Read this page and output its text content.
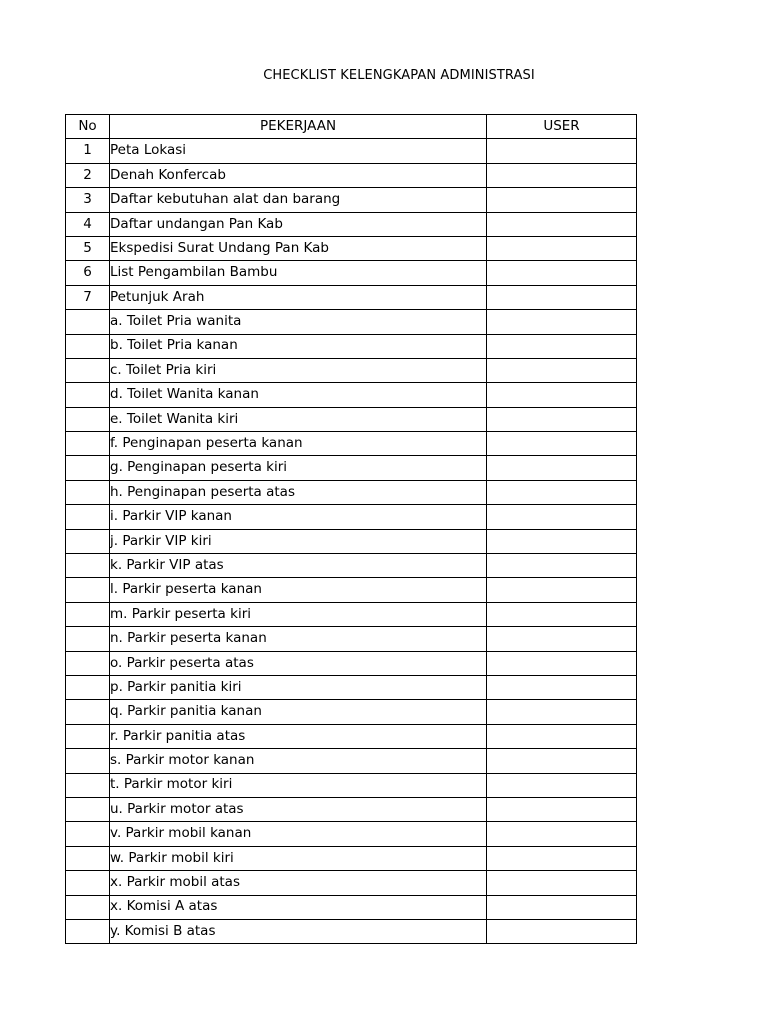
CHECKLIST KELENGKAPAN ADMINISTRASI
No	PEKERJAAN	USER
1	Peta Lokasi	
2	Denah Konfercab	
3	Daftar kebutuhan alat dan barang	
4	Daftar undangan Pan Kab	
5	Ekspedisi Surat Undang Pan Kab	
6	List Pengambilan Bambu	
7	Petunjuk Arah	
	a. Toilet Pria wanita	
	b. Toilet Pria kanan	
	c. Toilet Pria kiri	
	d. Toilet Wanita kanan	
	e. Toilet Wanita kiri	
	f. Penginapan peserta kanan	
	g. Penginapan peserta kiri	
	h. Penginapan peserta atas	
	i. Parkir VIP kanan	
	j. Parkir VIP kiri	
	k. Parkir VIP atas	
	l. Parkir peserta kanan	
	m. Parkir peserta kiri	
	n. Parkir peserta kanan	
	o. Parkir peserta atas	
	p. Parkir panitia kiri	
	q. Parkir panitia kanan	
	r. Parkir panitia atas	
	s. Parkir motor kanan	
	t. Parkir motor kiri	
	u. Parkir motor atas	
	v. Parkir mobil kanan	
	w. Parkir mobil kiri	
	x. Parkir mobil atas	
	x. Komisi A atas	
	y. Komisi B atas	
